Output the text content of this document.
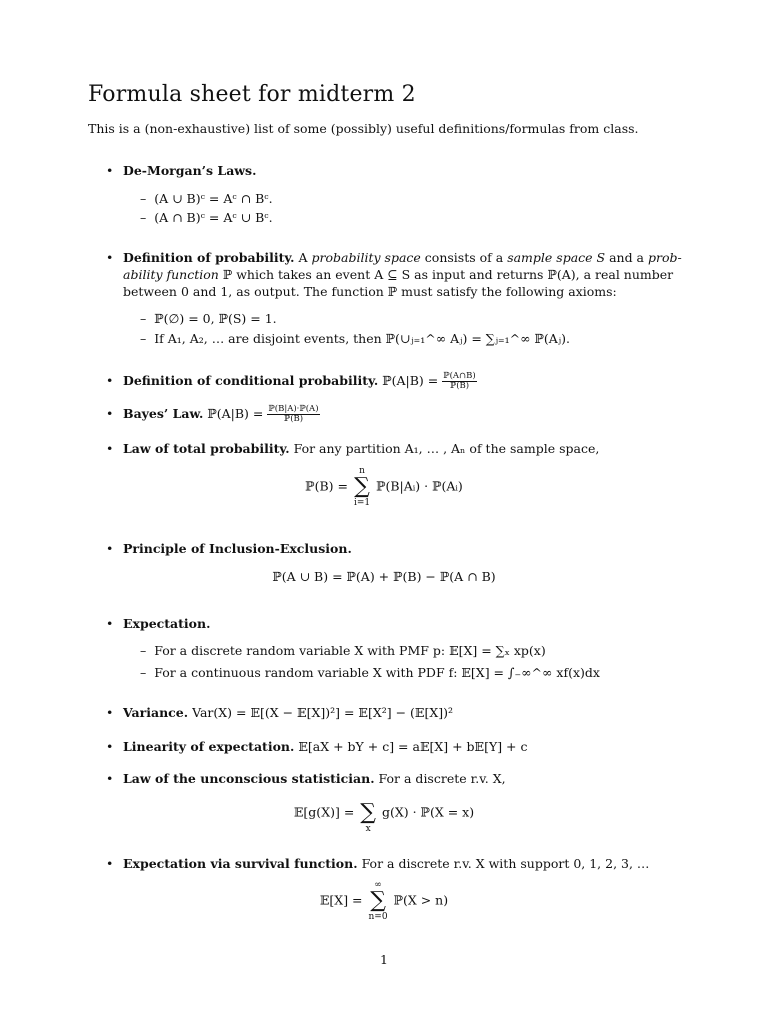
Formula sheet for midterm 2
This is a (non-exhaustive) list of some (possibly) useful definitions/formulas from class.
• De-Morgan’s Laws.
– (A ∪ B)ᶜ = Aᶜ ∩ Bᶜ.
– (A ∩ B)ᶜ = Aᶜ ∪ Bᶜ.
• Definition of probability. A probability space consists of a sample space S and a prob-ability function ℙ which takes an event A ⊆ S as input and returns ℙ(A), a real number between 0 and 1, as output. The function ℙ must satisfy the following axioms:
– ℙ(∅) = 0, ℙ(S) = 1.
– If A₁, A₂, … are disjoint events, then ℙ(∪ⱼ₌₁^∞ Aⱼ) = ∑ⱼ₌₁^∞ ℙ(Aⱼ).
• Definition of conditional probability. ℙ(A|B) = $\frac{\text{ℙ(A∩B)}}{\text{ℙ(B)}}$
• Bayes’ Law. ℙ(A|B) = $\frac{\text{ℙ(B|A)·ℙ(A)}}{\text{ℙ(B)}}$
• Law of total probability. For any partition A₁, … , Aₙ of the sample space,
ℙ(B) =
n
∑
i=1
ℙ(B|Aᵢ) · ℙ(Aᵢ)
• Principle of Inclusion-Exclusion.
ℙ(A ∪ B) = ℙ(A) + ℙ(B) − ℙ(A ∩ B)
• Expectation.
– For a discrete random variable X with PMF p: 𝔼[X] = ∑ₓ xp(x)
– For a continuous random variable X with PDF f: 𝔼[X] = ∫₋∞^∞ xf(x)dx
• Variance. Var(X) = 𝔼[(X − 𝔼[X])²] = 𝔼[X²] − (𝔼[X])²
• Linearity of expectation. 𝔼[aX + bY + c] = a𝔼[X] + b𝔼[Y] + c
• Law of the unconscious statistician. For a discrete r.v. X,
𝔼[g(X)] =
∑
x
g(X) · ℙ(X = x)
• Expectation via survival function. For a discrete r.v. X with support 0, 1, 2, 3, …
𝔼[X] =
∞
∑
n=0
ℙ(X > n)
1
